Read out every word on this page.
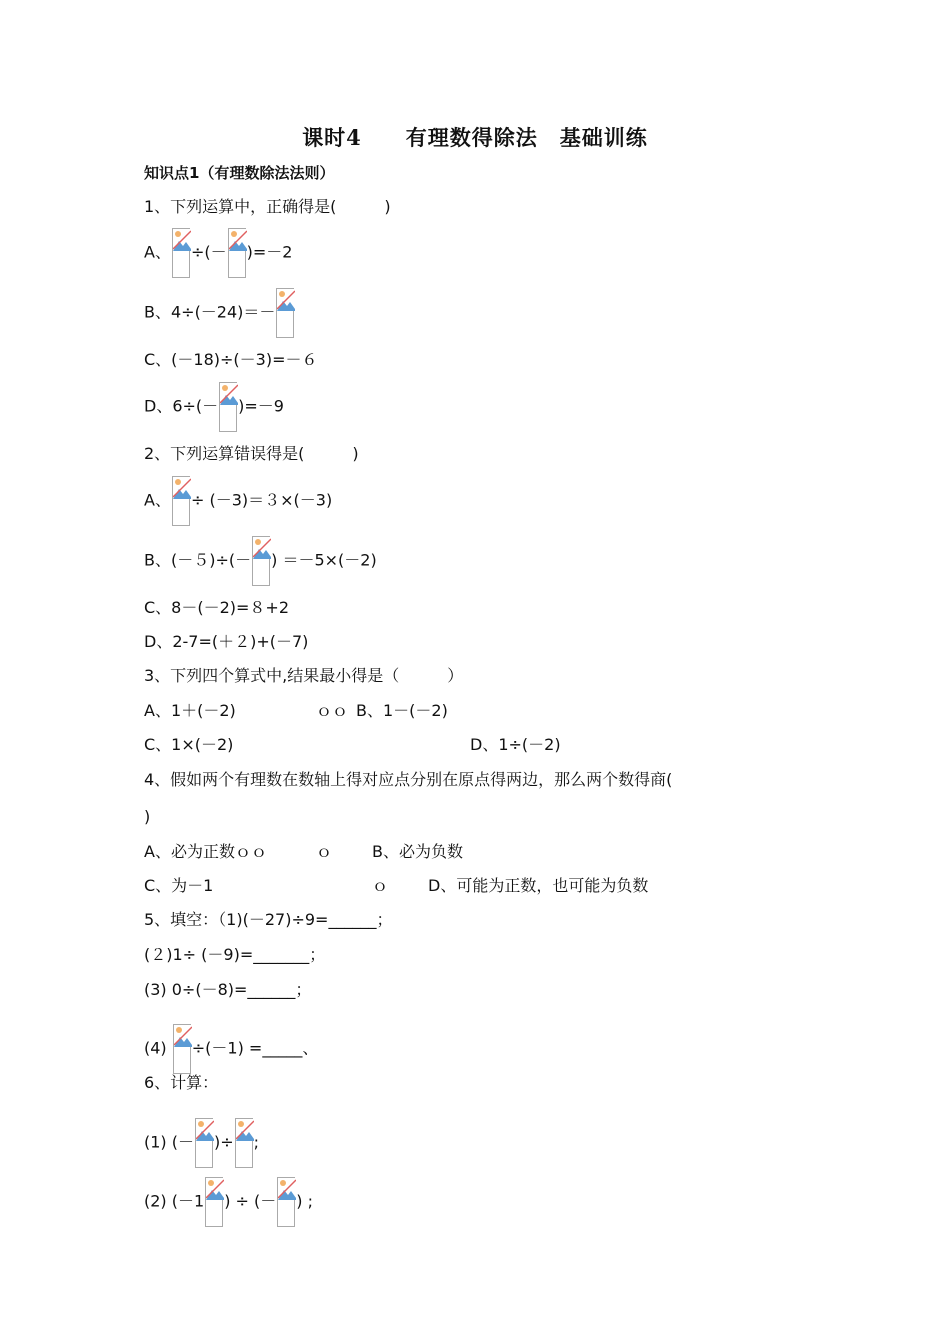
课时4　　有理数得除法　基础训练
知识点1（有理数除法法则）
1、下列运算中，正确得是(　　　)
A、 ÷(－ )=－2
B、4÷(－24)＝－
C、(－18)÷(－3)=－６
D、6÷(－ )=－9
2、下列运算错误得是(　　　)
A、 ÷ (－3)＝３×(－3)
B、(－５)÷(－ ) ＝－5×(－2)
C、8－(－2)=８+2
D、2-7=(＋２)+(－7)
3、下列四个算式中,结果最小得是（　　　）
A、1＋(－2)	ｏｏ B、1－(－2)
C、1×(－2)	D、1÷(－2)
4、假如两个有理数在数轴上得对应点分别在原点得两边，那么两个数得商(
)
A、必为正数ｏｏ	ｏ B、必为负数
C、为－1	ｏ D、可能为正数，也可能为负数
5、填空：（1)(－27)÷9=______；
(２)1÷ (－9)=_______；
(3) 0÷(－8)=______；
(4)
÷(－1) =_____、
6、计算：
(1) (－ )÷ ;
(2) (－1 ) ÷ (－ ) ;
